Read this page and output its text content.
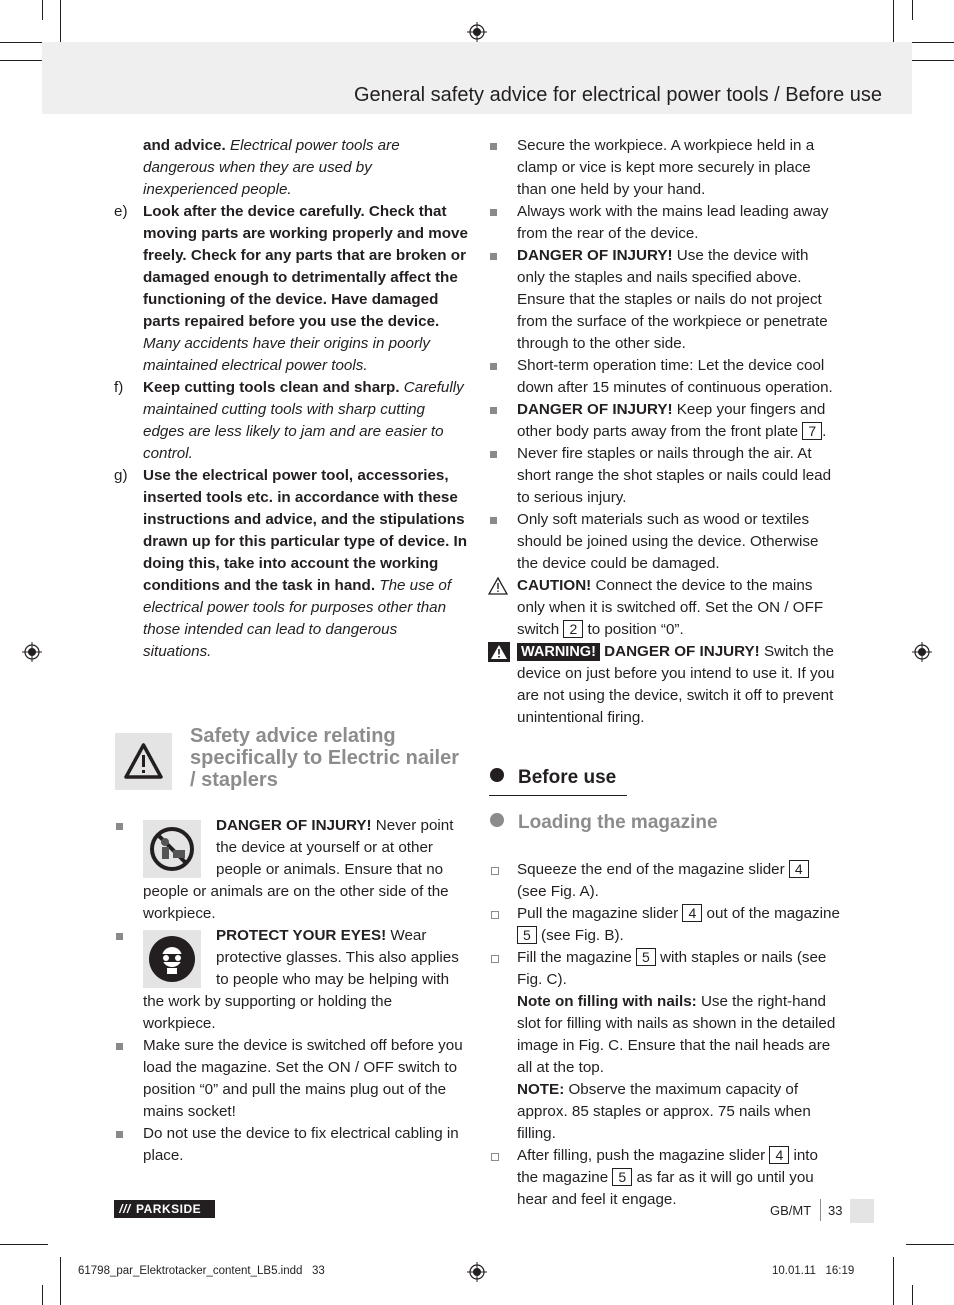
General safety advice for electrical power tools / Before use

and advice. Electrical power tools are dangerous when they are used by inexperienced people.

e) Look after the device carefully. Check that moving parts are working properly and move freely. Check for any parts that are broken or damaged enough to detrimentally affect the functioning of the device. Have damaged parts repaired before you use the device. Many accidents have their origins in poorly maintained electrical power tools.

f) Keep cutting tools clean and sharp. Carefully maintained cutting tools with sharp cutting edges are less likely to jam and are easier to control.

g) Use the electrical power tool, accessories, inserted tools etc. in accordance with these instructions and advice, and the stipulations drawn up for this particular type of device. In doing this, take into account the working conditions and the task in hand. The use of electrical power tools for purposes other than those intended can lead to dangerous situations.

Safety advice relating specifically to Electric nailer / staplers

DANGER OF INJURY! Never point the device at yourself or at other people or animals. Ensure that no people or animals are on the other side of the workpiece.

PROTECT YOUR EYES! Wear protective glasses. This also applies to people who may be helping with the work by supporting or holding the workpiece.

Make sure the device is switched off before you load the magazine. Set the ON / OFF switch to position “0” and pull the mains plug out of the mains socket!

Do not use the device to fix electrical cabling in place.

Secure the workpiece. A workpiece held in a clamp or vice is kept more securely in place than one held by your hand.

Always work with the mains lead leading away from the rear of the device.

DANGER OF INJURY! Use the device with only the staples and nails specified above. Ensure that the staples or nails do not project from the surface of the workpiece or penetrate through to the other side.

Short-term operation time: Let the device cool down after 15 minutes of continuous operation.

DANGER OF INJURY! Keep your fingers and other body parts away from the front plate 7 .

Never fire staples or nails through the air. At short range the shot staples or nails could lead to serious injury.

Only soft materials such as wood or textiles should be joined using the device. Otherwise the device could be damaged.

CAUTION! Connect the device to the mains only when it is switched off. Set the ON / OFF switch 2 to position “0”.

WARNING! DANGER OF INJURY! Switch the device on just before you intend to use it. If you are not using the device, switch it off to prevent unintentional firing.

Before use
Loading the magazine

Squeeze the end of the magazine slider 4 (see Fig. A).

Pull the magazine slider 4 out of the magazine 5 (see Fig. B).

Fill the magazine 5 with staples or nails (see Fig. C).

Note on filling with nails: Use the right-hand slot for filling with nails as shown in the detailed image in Fig. C. Ensure that the nail heads are all at the top.

NOTE: Observe the maximum capacity of approx. 85 staples or approx. 75 nails when filling.

After filling, push the magazine slider 4 into the magazine 5 as far as it will go until you hear and feel it engage.

/// PARKSIDE	GB/MT 33
61798_par_Elektrotacker_content_LB5.indd   33	10.01.11   16:19
